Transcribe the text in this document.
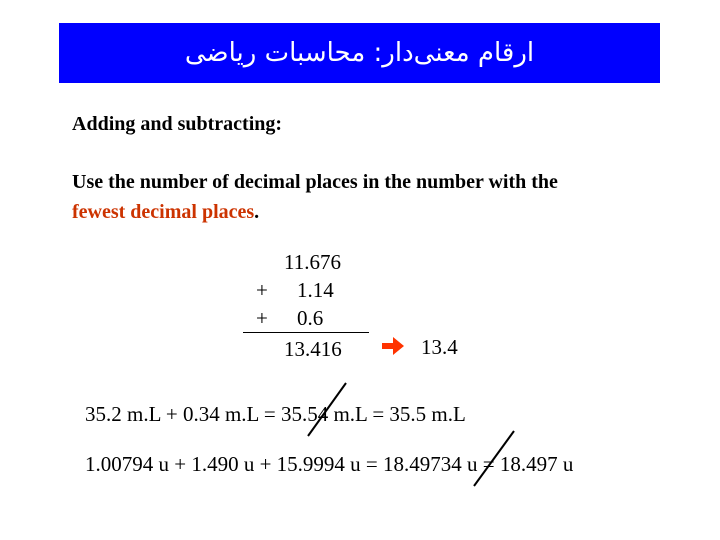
ارقام معنی‌دار: محاسبات ریاضی
Adding and subtracting:
Use the number of decimal places in the number with the
fewest decimal places.
11.676
+ 1.14
+ 0.6
13.416	13.4
35.2 m.L + 0.34 m.L = 35.54 m.L = 35.5 m.L
1.00794 u + 1.490 u + 15.9994 u = 18.49734 u = 18.497 u
